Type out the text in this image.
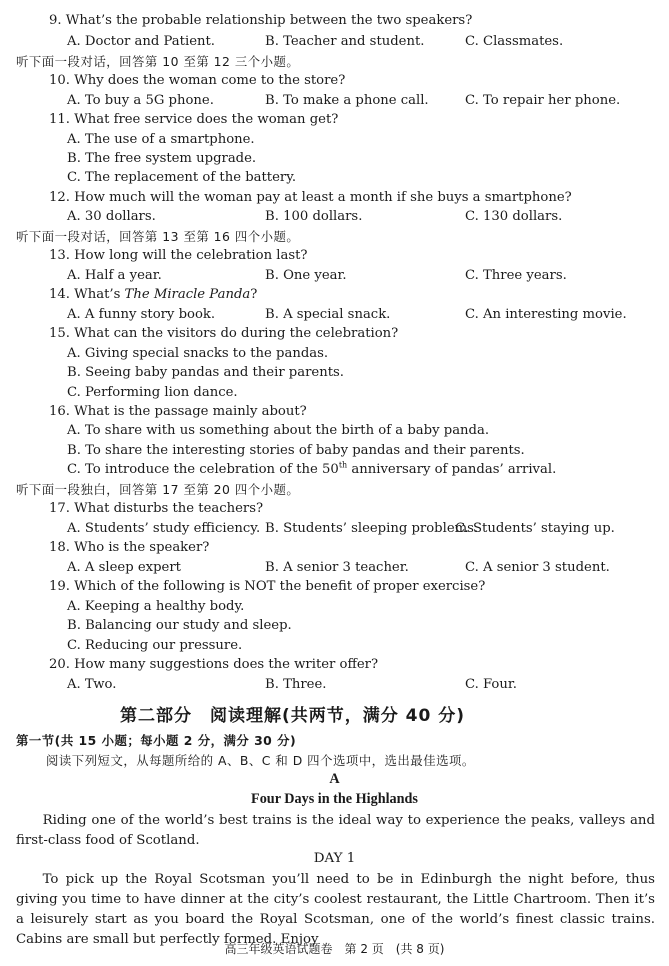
9. What’s the probable relationship between the two speakers?
A. Doctor and Patient.	B. Teacher and student.	C. Classmates.
听下面一段对话，回答第 10 至第 12 三个小题。
10. Why does the woman come to the store?
A. To buy a 5G phone.	B. To make a phone call.	C. To repair her phone.
11. What free service does the woman get?
A. The use of a smartphone.
B. The free system upgrade.
C. The replacement of the battery.
12. How much will the woman pay at least a month if she buys a smartphone?
A. 30 dollars.	B. 100 dollars.	C. 130 dollars.
听下面一段对话，回答第 13 至第 16 四个小题。
13. How long will the celebration last?
A. Half a year.	B. One year.	C. Three years.
14. What’s The Miracle Panda?
A. A funny story book.	B. A special snack.	C. An interesting movie.
15. What can the visitors do during the celebration?
A. Giving special snacks to the pandas.
B. Seeing baby pandas and their parents.
C. Performing lion dance.
16. What is the passage mainly about?
A. To share with us something about the birth of a baby panda.
B. To share the interesting stories of baby pandas and their parents.
C. To introduce the celebration of the 50th anniversary of pandas’ arrival.
听下面一段独白，回答第 17 至第 20 四个小题。
17. What disturbs the teachers?
A. Students’ study efficiency. B. Students’ sleeping problems.
C. Students’ staying up.
18. Who is the speaker?
A. A sleep expert	B. A senior 3 teacher.	C. A senior 3 student.
19. Which of the following is NOT the benefit of proper exercise?
A. Keeping a healthy body.
B. Balancing our study and sleep.
C. Reducing our pressure.
20. How many suggestions does the writer offer?
A. Two.	B. Three.	C. Four.
第二部分　阅读理解(共两节，满分 40 分)
第一节(共 15 小题；每小题 2 分，满分 30 分)
阅读下列短文，从每题所给的 A、B、C 和 D 四个选项中，选出最佳选项。
A
Four Days in the Highlands
Riding one of the world’s best trains is the ideal way to experience the peaks, valleys and first-class food of Scotland.
DAY 1
To pick up the Royal Scotsman you’ll need to be in Edinburgh the night before, thus giving you time to have dinner at the city’s coolest restaurant, the Little Chartroom. Then it’s a leisurely start as you board the Royal Scotsman, one of the world’s finest classic trains. Cabins are small but perfectly formed. Enjoy
高三年级英语试题卷　第 2 页　(共 8 页)
